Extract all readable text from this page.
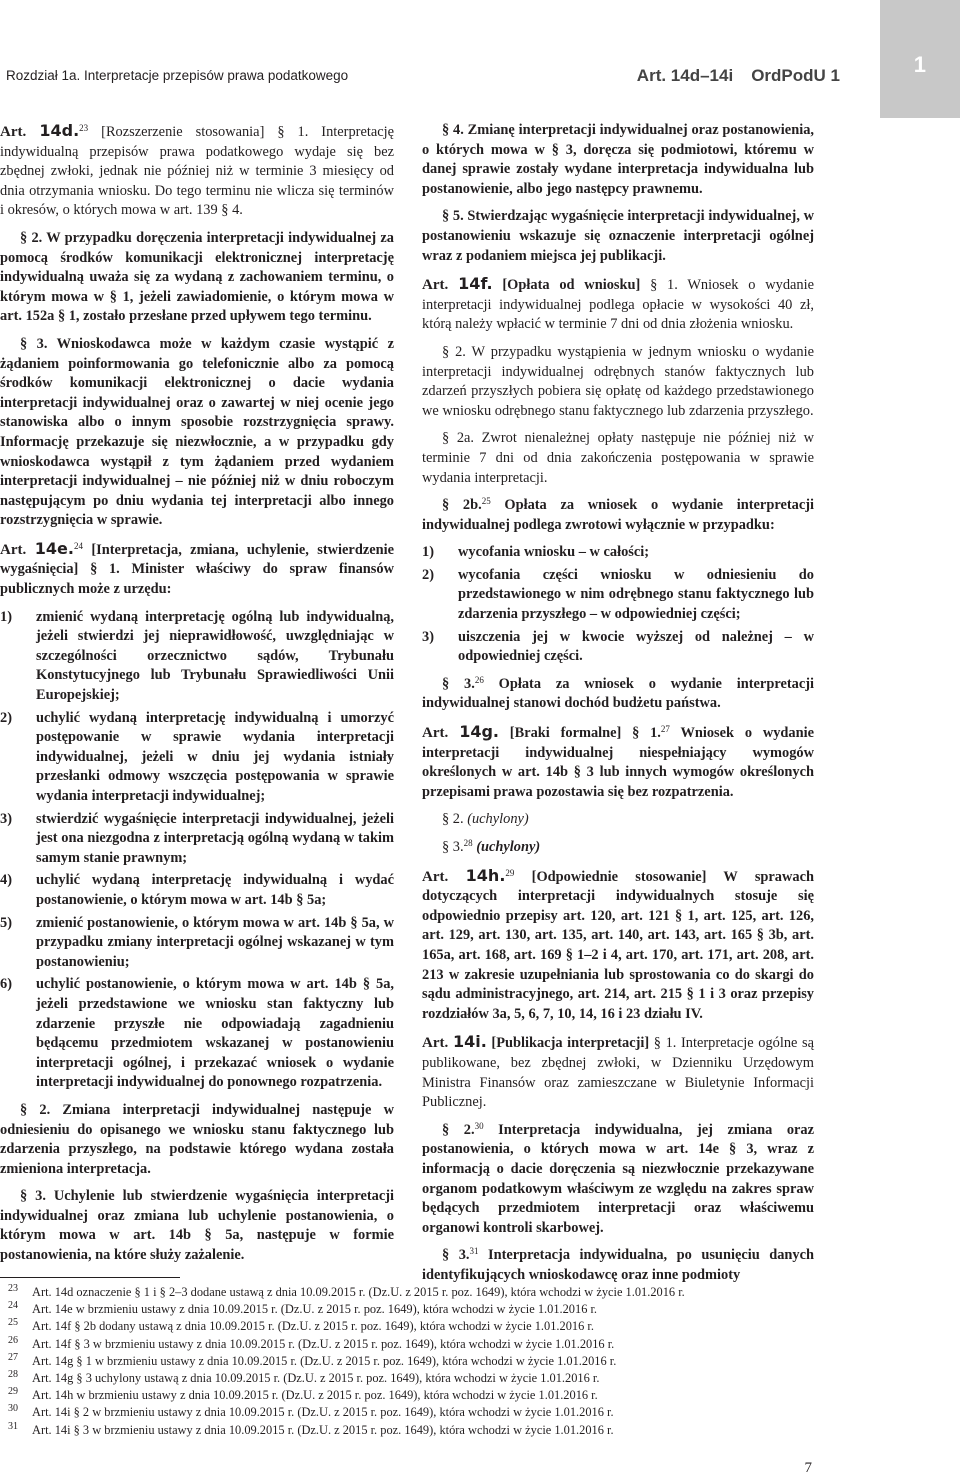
Rozdział 1a. Interpretacje przepisów prawa podatkowego	Art. 14d–14i OrdPodU 1	1

Art. 14d.$^{23}$ [Rozszerzenie stosowania] § 1. Interpretację indywidualną przepisów prawa podatkowego wydaje się bez zbędnej zwłoki, jednak nie później niż w terminie 3 miesięcy od dnia otrzymania wniosku. Do tego terminu nie wlicza się terminów i okresów, o których mowa w art. 139 § 4.

§ 2. W przypadku doręczenia interpretacji indywidualnej za pomocą środków komunikacji elektronicznej interpretację indywidualną uważa się za wydaną z zachowaniem terminu, o którym mowa w § 1, jeżeli zawiadomienie, o którym mowa w art. 152a § 1, zostało przesłane przed upływem tego terminu.

§ 3. Wnioskodawca może w każdym czasie wystąpić z żądaniem poinformowania go telefonicznie albo za pomocą środków komunikacji elektronicznej o dacie wydania interpretacji indywidualnej oraz o zawartej w niej ocenie jego stanowiska albo o innym sposobie rozstrzygnięcia sprawy. Informację przekazuje się niezwłocznie, a w przypadku gdy wnioskodawca wystąpił z tym żądaniem przed wydaniem interpretacji indywidualnej – nie później niż w dniu roboczym następującym po dniu wydania tej interpretacji albo innego rozstrzygnięcia w sprawie.

Art. 14e.$^{24}$ [Interpretacja, zmiana, uchylenie, stwierdzenie wygaśnięcia] § 1. Minister właściwy do spraw finansów publicznych może z urzędu:

1) zmienić wydaną interpretację ogólną lub indywidualną, jeżeli stwierdzi jej nieprawidłowość, uwzględniając w szczególności orzecznictwo sądów, Trybunału Konstytucyjnego lub Trybunału Sprawiedliwości Unii Europejskiej;
2) uchylić wydaną interpretację indywidualną i umorzyć postępowanie w sprawie wydania interpretacji indywidualnej, jeżeli w dniu jej wydania istniały przesłanki odmowy wszczęcia postępowania w sprawie wydania interpretacji indywidualnej;
3) stwierdzić wygaśnięcie interpretacji indywidualnej, jeżeli jest ona niezgodna z interpretacją ogólną wydaną w takim samym stanie prawnym;
4) uchylić wydaną interpretację indywidualną i wydać postanowienie, o którym mowa w art. 14b § 5a;
5) zmienić postanowienie, o którym mowa w art. 14b § 5a, w przypadku zmiany interpretacji ogólnej wskazanej w tym postanowieniu;
6) uchylić postanowienie, o którym mowa w art. 14b § 5a, jeżeli przedstawione we wniosku stan faktyczny lub zdarzenie przyszłe nie odpowiadają zagadnieniu będącemu przedmiotem wskazanej w postanowieniu interpretacji ogólnej, i przekazać wniosek o wydanie interpretacji indywidualnej do ponownego rozpatrzenia.

§ 2. Zmiana interpretacji indywidualnej następuje w odniesieniu do opisanego we wniosku stanu faktycznego lub zdarzenia przyszłego, na podstawie którego wydana została zmieniona interpretacja.

§ 3. Uchylenie lub stwierdzenie wygaśnięcia interpretacji indywidualnej oraz zmiana lub uchylenie postanowienia, o którym mowa w art. 14b § 5a, następuje w formie postanowienia, na które służy zażalenie.

§ 4. Zmianę interpretacji indywidualnej oraz postanowienia, o których mowa w § 3, doręcza się podmiotowi, któremu w danej sprawie zostały wydane interpretacja indywidualna lub postanowienie, albo jego następcy prawnemu.

§ 5. Stwierdzając wygaśnięcie interpretacji indywidualnej, w postanowieniu wskazuje się oznaczenie interpretacji ogólnej wraz z podaniem miejsca jej publikacji.

Art. 14f. [Opłata od wniosku] § 1. Wniosek o wydanie interpretacji indywidualnej podlega opłacie w wysokości 40 zł, którą należy wpłacić w terminie 7 dni od dnia złożenia wniosku.

§ 2. W przypadku wystąpienia w jednym wniosku o wydanie interpretacji indywidualnej odrębnych stanów faktycznych lub zdarzeń przyszłych pobiera się opłatę od każdego przedstawionego we wniosku odrębnego stanu faktycznego lub zdarzenia przyszłego.

§ 2a. Zwrot nienależnej opłaty następuje nie później niż w terminie 7 dni od dnia zakończenia postępowania w sprawie wydania interpretacji.

§ 2b.$^{25}$ Opłata za wniosek o wydanie interpretacji indywidualnej podlega zwrotowi wyłącznie w przypadku:

1) wycofania wniosku – w całości;
2) wycofania części wniosku w odniesieniu do przedstawionego w nim odrębnego stanu faktycznego lub zdarzenia przyszłego – w odpowiedniej części;
3) uiszczenia jej w kwocie wyższej od należnej – w odpowiedniej części.

§ 3.26 Opłata za wniosek o wydanie interpretacji indywidualnej stanowi dochód budżetu państwa.

Art. 14g. [Braki formalne] § 1.27 Wniosek o wydanie interpretacji indywidualnej niespełniający wymogów określonych w art. 14b § 3 lub innych wymogów określonych przepisami prawa pozostawia się bez rozpatrzenia.

§ 2. (uchylony)

§ 3.28 (uchylony)

Art. 14h.$^{29}$ [Odpowiednie stosowanie] W sprawach dotyczących interpretacji indywidualnych stosuje się odpowiednio przepisy art. 120, art. 121 § 1, art. 125, art. 126, art. 129, art. 130, art. 135, art. 140, art. 143, art. 165 § 3b, art. 165a, art. 168, art. 169 § 1–2 i 4, art. 170, art. 171, art. 208, art. 213 w zakresie uzupełniania lub sprostowania co do skargi do sądu administracyjnego, art. 214, art. 215 § 1 i 3 oraz przepisy rozdziałów 3a, 5, 6, 7, 10, 14, 16 i 23 działu IV.

Art. 14i. [Publikacja interpretacji] § 1. Interpretacje ogólne są publikowane, bez zbędnej zwłoki, w Dzienniku Urzędowym Ministra Finansów oraz zamieszczane w Biuletynie Informacji Publicznej.

§ 2.30 Interpretacja indywidualna, jej zmiana oraz postanowienia, o których mowa w art. 14e § 3, wraz z informacją o dacie doręczenia są niezwłocznie przekazywane organom podatkowym właściwym ze względu na zakres spraw będących przedmiotem interpretacji oraz właściwemu organowi kontroli skarbowej.

§ 3.31 Interpretacja indywidualna, po usunięciu danych identyfikujących wnioskodawcę oraz inne podmioty

23 Art. 14d oznaczenie § 1 i § 2–3 dodane ustawą z dnia 10.09.2015 r. (Dz.U. z 2015 r. poz. 1649), która wchodzi w życie 1.01.2016 r.
24 Art. 14e w brzmieniu ustawy z dnia 10.09.2015 r. (Dz.U. z 2015 r. poz. 1649), która wchodzi w życie 1.01.2016 r.
25 Art. 14f § 2b dodany ustawą z dnia 10.09.2015 r. (Dz.U. z 2015 r. poz. 1649), która wchodzi w życie 1.01.2016 r.
26 Art. 14f § 3 w brzmieniu ustawy z dnia 10.09.2015 r. (Dz.U. z 2015 r. poz. 1649), która wchodzi w życie 1.01.2016 r.
27 Art. 14g § 1 w brzmieniu ustawy z dnia 10.09.2015 r. (Dz.U. z 2015 r. poz. 1649), która wchodzi w życie 1.01.2016 r.
28 Art. 14g § 3 uchylony ustawą z dnia 10.09.2015 r. (Dz.U. z 2015 r. poz. 1649), która wchodzi w życie 1.01.2016 r.
29 Art. 14h w brzmieniu ustawy z dnia 10.09.2015 r. (Dz.U. z 2015 r. poz. 1649), która wchodzi w życie 1.01.2016 r.
30 Art. 14i § 2 w brzmieniu ustawy z dnia 10.09.2015 r. (Dz.U. z 2015 r. poz. 1649), która wchodzi w życie 1.01.2016 r.
31 Art. 14i § 3 w brzmieniu ustawy z dnia 10.09.2015 r. (Dz.U. z 2015 r. poz. 1649), która wchodzi w życie 1.01.2016 r.
7
